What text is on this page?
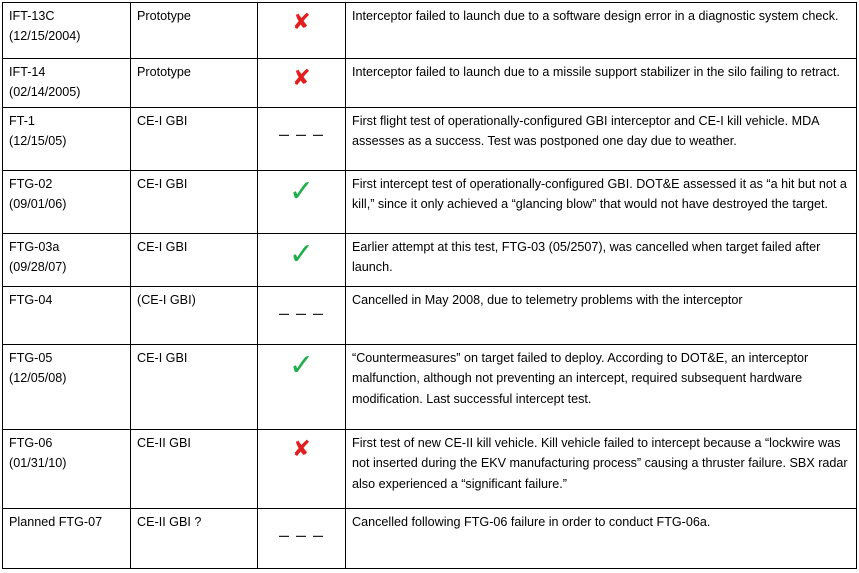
IFT-13C
(12/15/2004)	Prototype	✘	Interceptor failed to launch due to a software design error in a diagnostic system check.

IFT-14
(02/14/2005)	Prototype	✘	Interceptor failed to launch due to a missile support stabilizer in the silo failing to retract.

FT-1
(12/15/05)	CE-I GBI	– – –	First flight test of operationally-configured GBI interceptor and CE-I kill vehicle. MDA assesses as a success. Test was postponed one day due to weather.

FTG-02
(09/01/06)	CE-I GBI	✓	First intercept test of operationally-configured GBI. DOT&E assessed it as “a hit but not a kill,” since it only achieved a “glancing blow” that would not have destroyed the target.

FTG-03a
(09/28/07)	CE-I GBI	✓	Earlier attempt at this test, FTG-03 (05/2507), was cancelled when target failed after launch.

FTG-04	(CE-I GBI)	– – –	Cancelled in May 2008, due to telemetry problems with the interceptor

FTG-05
(12/05/08)	CE-I GBI	✓	“Countermeasures” on target failed to deploy. According to DOT&E, an interceptor malfunction, although not preventing an intercept, required subsequent hardware modification. Last successful intercept test.

FTG-06
(01/31/10)	CE-II GBI	✘	First test of new CE-II kill vehicle. Kill vehicle failed to intercept because a “lockwire was not inserted during the EKV manufacturing process” causing a thruster failure. SBX radar also experienced a “significant failure.”

Planned FTG-07	CE-II GBI ?	– – –	Cancelled following FTG-06 failure in order to conduct FTG-06a.
